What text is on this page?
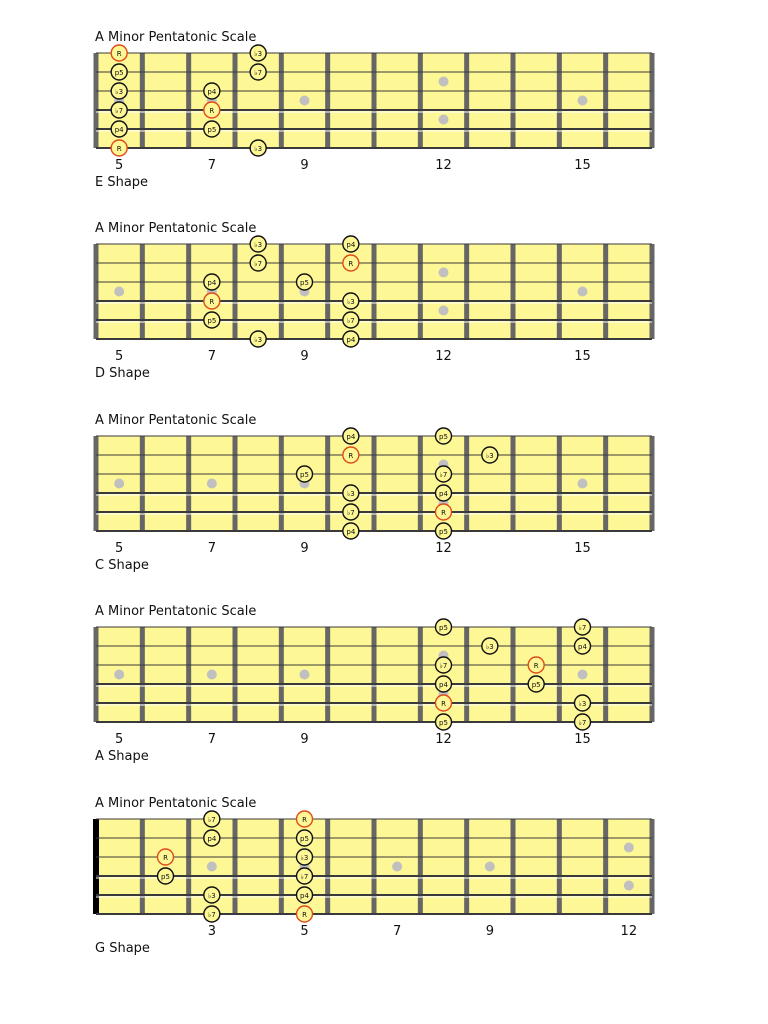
A Minor Pentatonic Scale
R	♭3
p5	♭7
♭3	p4
♭7	R
p4	p5
R	♭3
5	7	9	12	15
E Shape
A Minor Pentatonic Scale
♭3	p4
♭7	R
p4	p5
R	♭3
p5	♭7
♭3	p4
5	7	9	12	15
D Shape
A Minor Pentatonic Scale
p4	p5
R	♭3
p5	♭7
♭3	p4
♭7	R
p4	p5
5	7	9	12	15
C Shape
A Minor Pentatonic Scale
p5	♭7
♭3	p4
♭7	R
p4	p5
R	♭3
p5	♭7
5	7	9	12	15
A Shape
A Minor Pentatonic Scale
♭7	R
p4	p5
R	♭3
p5	♭7
♭3	p4
♭7	R
3	5	7	9	12
G Shape
